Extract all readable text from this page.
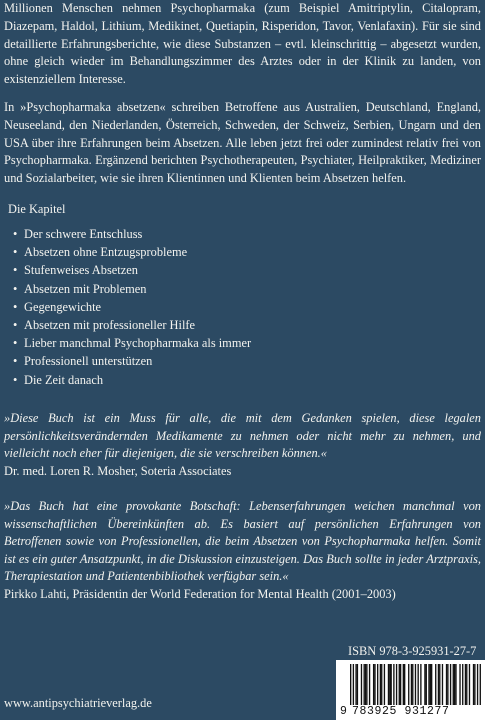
Millionen Menschen nehmen Psychopharmaka (zum Beispiel Amitriptylin, Citalopram, Diazepam, Haldol, Lithium, Medikinet, Quetiapin, Risperidon, Tavor, Venlafaxin). Für sie sind detaillierte Erfahrungsberichte, wie diese Substanzen – evtl. kleinschrittig – abgesetzt wurden, ohne gleich wieder im Behandlungszimmer des Arztes oder in der Klinik zu landen, von existenziellem Interesse.
In »Psychopharmaka absetzen« schreiben Betroffene aus Australien, Deutschland, England, Neuseeland, den Niederlanden, Österreich, Schweden, der Schweiz, Serbien, Ungarn und den USA über ihre Erfahrungen beim Absetzen. Alle leben jetzt frei oder zumindest relativ frei von Psychopharmaka. Ergänzend berichten Psychotherapeuten, Psychiater, Heilpraktiker, Mediziner und Sozialarbeiter, wie sie ihren Klientinnen und Klienten beim Absetzen helfen.
Die Kapitel
• Der schwere Entschluss
• Absetzen ohne Entzugsprobleme
• Stufenweises Absetzen
• Absetzen mit Problemen
• Gegengewichte
• Absetzen mit professioneller Hilfe
• Lieber manchmal Psychopharmaka als immer
• Professionell unterstützen
• Die Zeit danach
»Diese Buch ist ein Muss für alle, die mit dem Gedanken spielen, diese legalen persönlichkeitsverändernden Medikamente zu nehmen oder nicht mehr zu nehmen, und vielleicht noch eher für diejenigen, die sie verschreiben können.«
Dr. med. Loren R. Mosher, Soteria Associates
»Das Buch hat eine provokante Botschaft: Lebenserfahrungen weichen manchmal von wissenschaftlichen Übereinkünften ab. Es basiert auf persönlichen Erfahrungen von Betroffenen sowie von Professionellen, die beim Absetzen von Psychopharmaka helfen. Somit ist es ein guter Ansatzpunkt, in die Diskussion einzusteigen. Das Buch sollte in jeder Arztpraxis, Therapiestation und Patientenbibliothek verfügbar sein.«
Pirkko Lahti, Präsidentin der World Federation for Mental Health (2001–2003)
ISBN 978-3-925931-27-7
www.antipsychiatrieverlag.de
9 783925 931277
